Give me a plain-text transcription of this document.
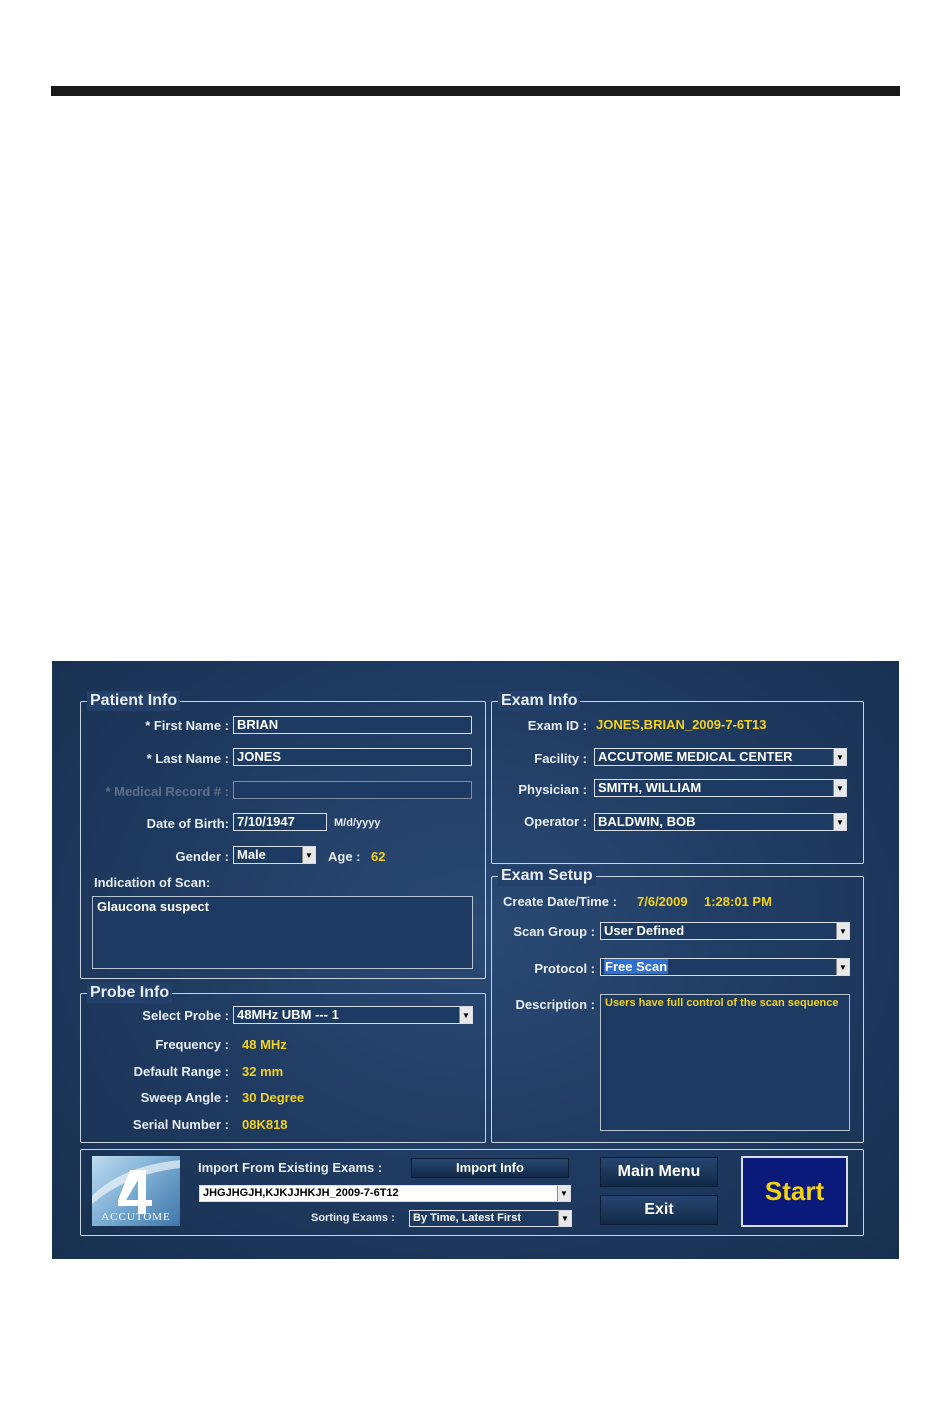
Patient Info
* First Name : BRIAN
* Last Name : JONES
* Medical Record # :
Date of Birth: 7/10/1947	M/d/yyyy
Gender : Male	▼ Age : 62
Indication of Scan:
Glaucona suspect
Probe Info
Select Probe : 48MHz UBM --- 1	▼
Frequency : 48 MHz
Default Range : 32 mm
Sweep Angle : 30 Degree
Serial Number : 08K818
Exam Info
Exam ID : JONES,BRIAN_2009-7-6T13
Facility : ACCUTOME MEDICAL CENTER	▼
Physician : SMITH, WILLIAM	▼
Operator : BALDWIN, BOB	▼
Exam Setup
Create Date/Time : 7/6/2009 1:28:01 PM
Scan Group : User Defined	▼
Protocol : Free Scan	▼
Description : Users have full control of the scan sequence
ACCUTOME
Import From Existing Exams :	Import Info
JHGJHGJH,KJKJJHKJH_2009-7-6T12	▼
Sorting Exams :	By Time, Latest First	▼
Main Menu
Exit
Start
